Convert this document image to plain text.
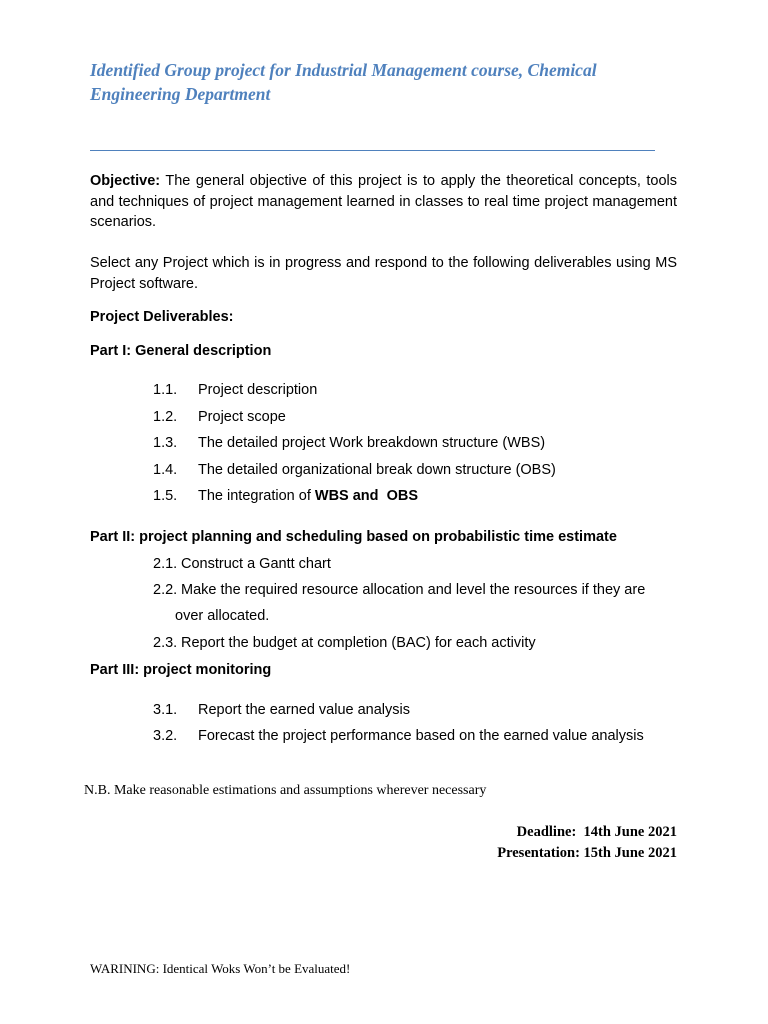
Identified Group project for Industrial Management course, Chemical Engineering Department
Objective: The general objective of this project is to apply the theoretical concepts, tools and techniques of project management learned in classes to real time project management scenarios.
Select any Project which is in progress and respond to the following deliverables using MS Project software.
Project Deliverables:
Part I: General description
1.1. Project description
1.2. Project scope
1.3. The detailed project Work breakdown structure (WBS)
1.4. The detailed organizational break down structure (OBS)
1.5. The integration of WBS and  OBS
Part II: project planning and scheduling based on probabilistic time estimate
2.1. Construct a Gantt chart
2.2. Make the required resource allocation and level the resources if they are
over allocated.
2.3. Report the budget at completion (BAC) for each activity
Part III: project monitoring
3.1. Report the earned value analysis
3.2. Forecast the project performance based on the earned value analysis
N.B. Make reasonable estimations and assumptions wherever necessary
Deadline:  14th June 2021
Presentation: 15th June 2021
WARINING: Identical Woks Won’t be Evaluated!
